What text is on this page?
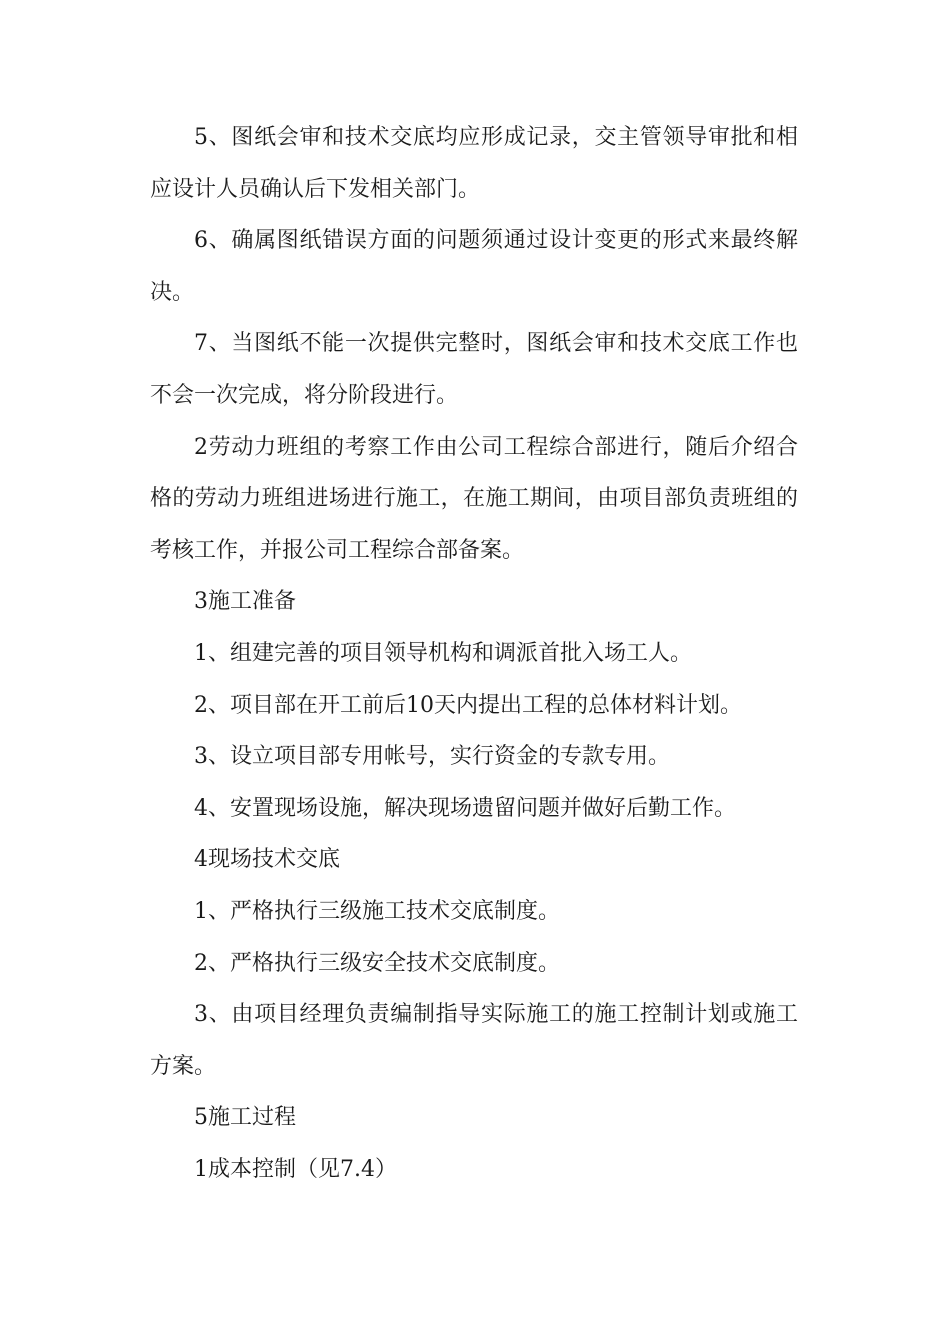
5、图纸会审和技术交底均应形成记录，交主管领导审批和相应设计人员确认后下发相关部门。

6、确属图纸错误方面的问题须通过设计变更的形式来最终解决。

7、当图纸不能一次提供完整时，图纸会审和技术交底工作也不会一次完成，将分阶段进行。

2劳动力班组的考察工作由公司工程综合部进行，随后介绍合格的劳动力班组进场进行施工，在施工期间，由项目部负责班组的考核工作，并报公司工程综合部备案。

3施工准备

1、组建完善的项目领导机构和调派首批入场工人。

2、项目部在开工前后10天内提出工程的总体材料计划。

3、设立项目部专用帐号，实行资金的专款专用。

4、安置现场设施，解决现场遗留问题并做好后勤工作。

4现场技术交底

1、严格执行三级施工技术交底制度。

2、严格执行三级安全技术交底制度。

3、由项目经理负责编制指导实际施工的施工控制计划或施工方案。

5施工过程

1成本控制（见7.4）
